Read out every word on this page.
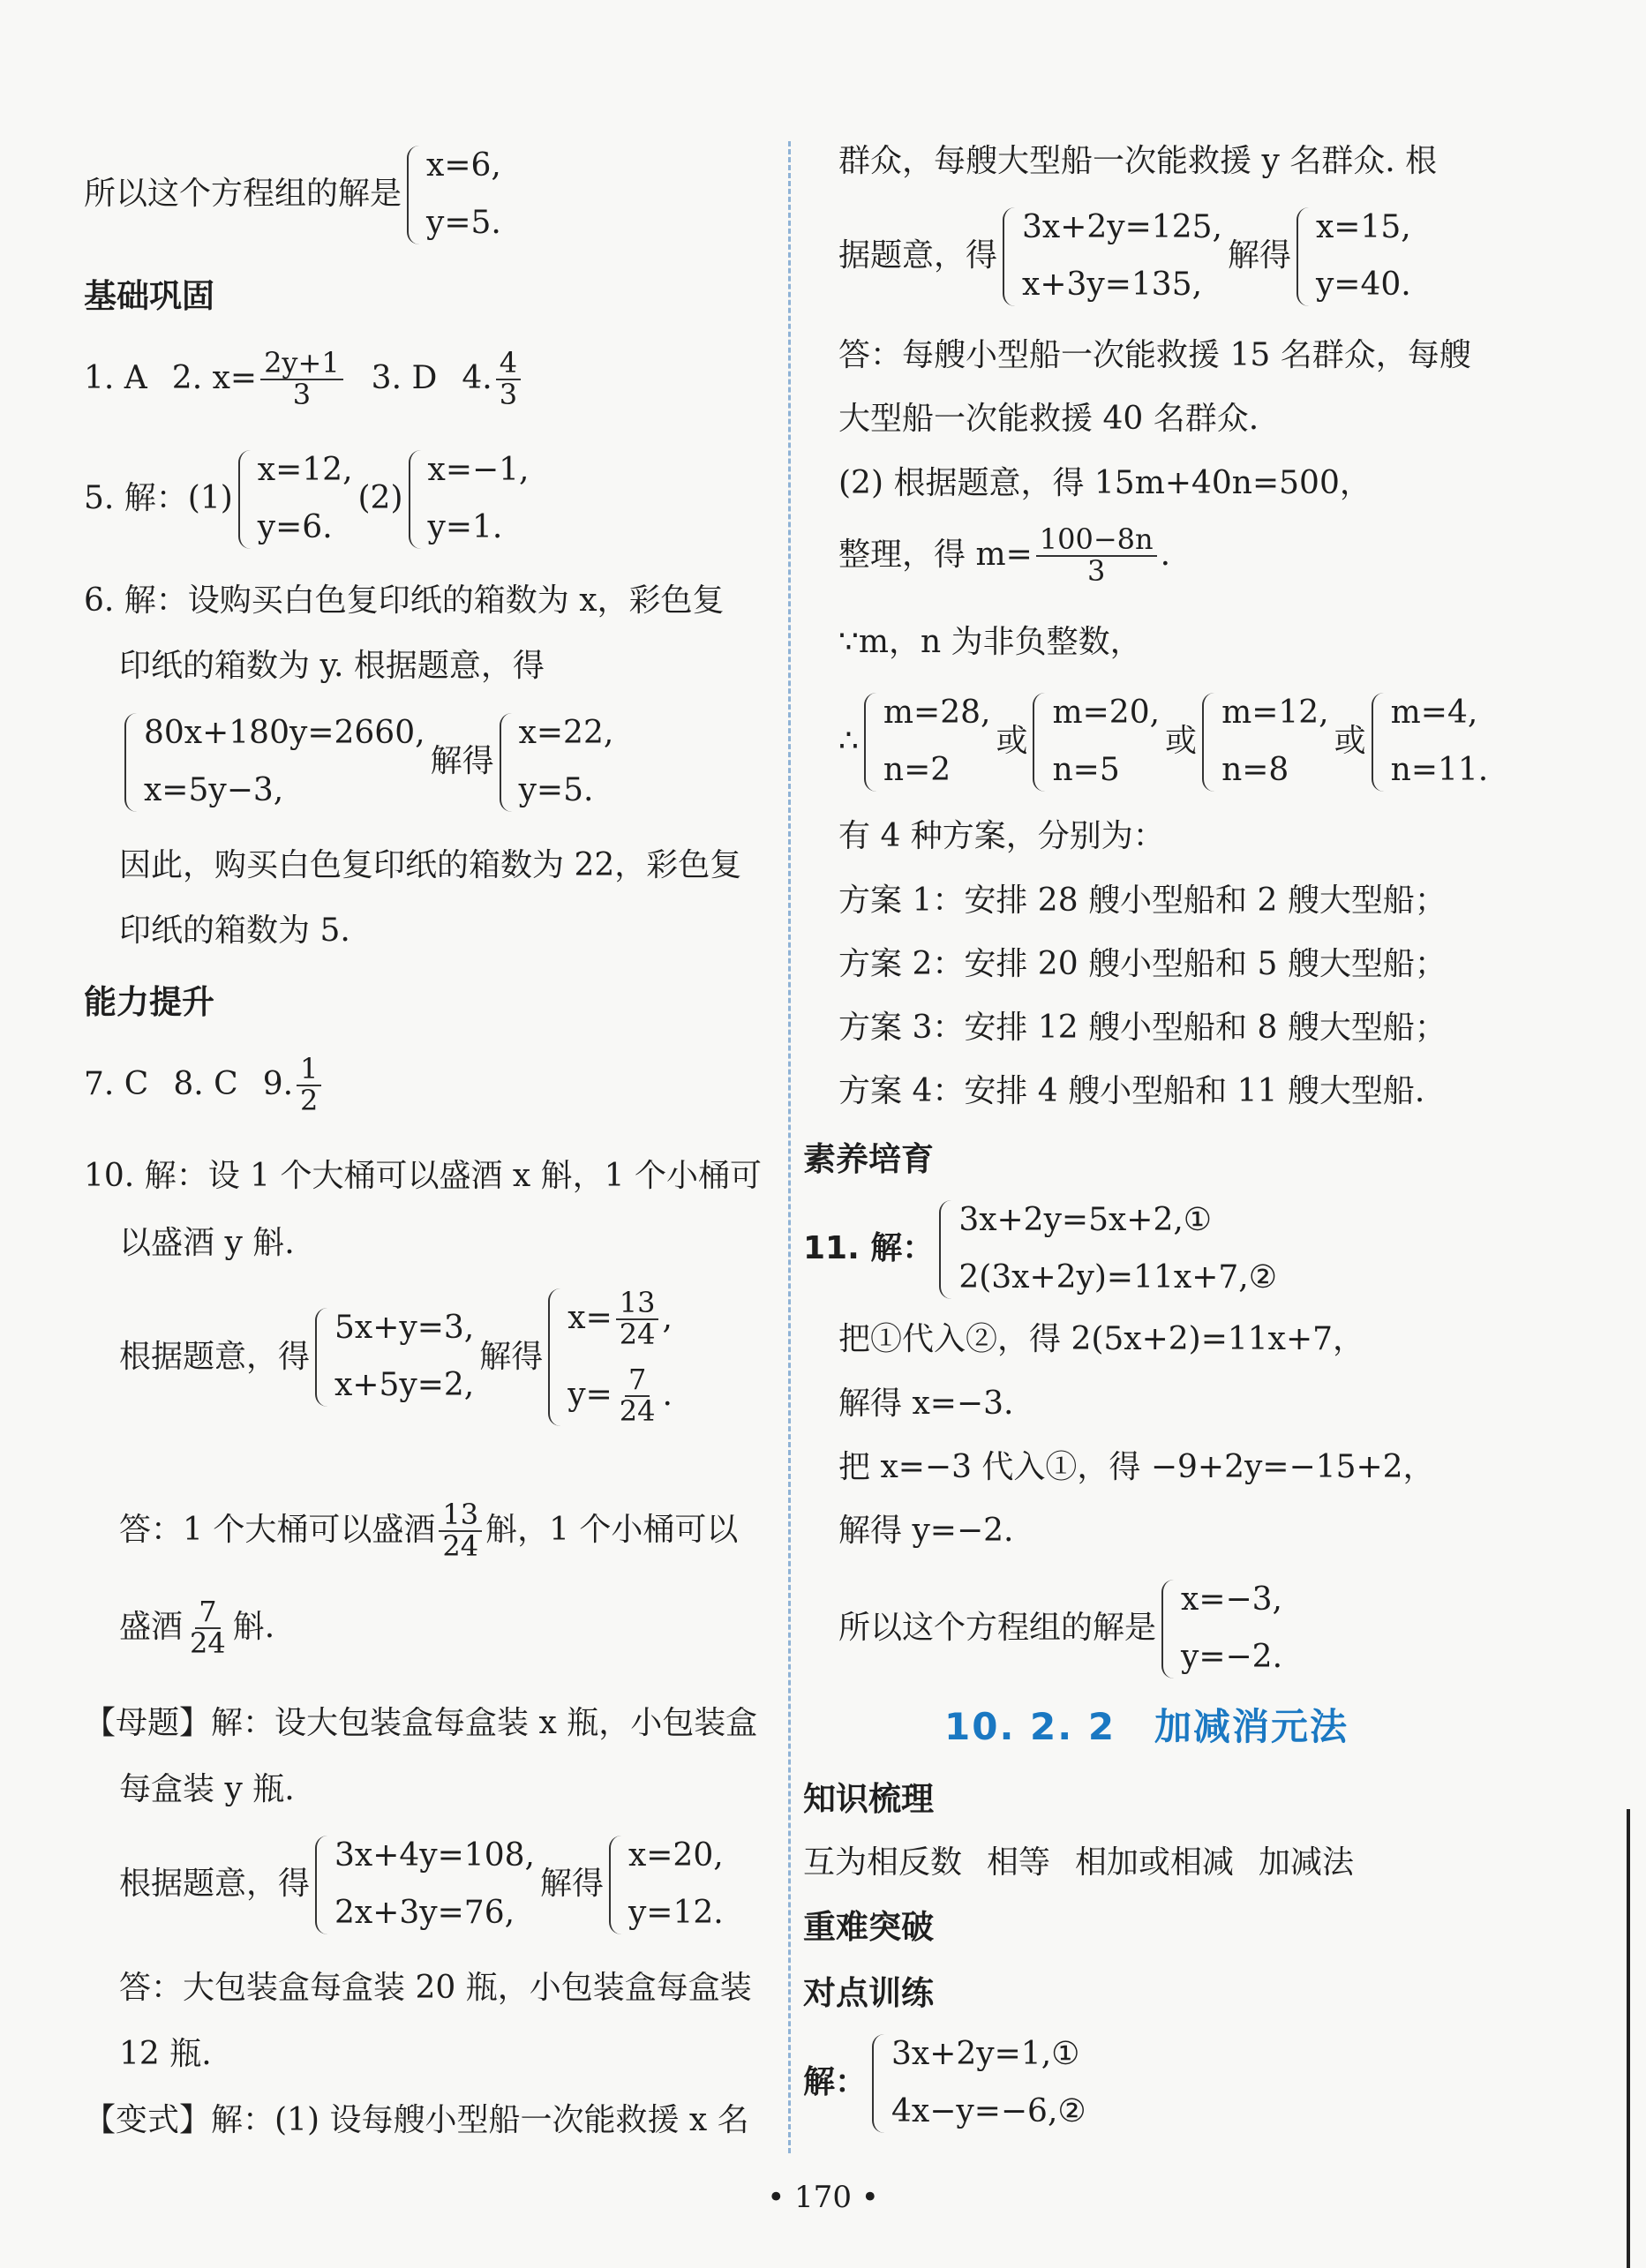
所以这个方程组的解是
x=6,
y=5.
基础巩固
1. A 2. $x= \frac{2y+1}{3} 3$. D 4. $\frac{4}{3}$
5. 解：(1)
x=12,
y=6.
(2)
x=−1,
y=1.
6. 解：设购买白色复印纸的箱数为 x，彩色复
印纸的箱数为 y. 根据题意，得
80x+180y=2660,
x=5y−3,
解得
x=22,
y=5.
因此，购买白色复印纸的箱数为 22，彩色复
印纸的箱数为 5.
能力提升
7. C 8. C 9. $\frac{1}{2}$
10. 解：设 1 个大桶可以盛酒 x 斛，1 个小桶可
以盛酒 y 斛.
根据题意，得
5x+y=3,
x+5y=2,
解得
$x= \frac{13}{24}$ ,
$y= \frac{7}{24}$ .
答：1 个大桶可以盛酒 $\frac{13}{24}$ 斛，1 个小桶可以
盛酒 $\frac{7}{24}$ 斛.
【母题】解：设大包装盒每盒装 x 瓶，小包装盒
每盒装 y 瓶.
根据题意，得
3x+4y=108,
2x+3y=76,
解得
x=20,
y=12.
答：大包装盒每盒装 20 瓶，小包装盒每盒装
12 瓶.
【变式】解：(1) 设每艘小型船一次能救援 x 名
群众，每艘大型船一次能救援 y 名群众. 根
据题意，得
3x+2y=125,
x+3y=135,
解得
x=15,
y=40.
答：每艘小型船一次能救援 15 名群众，每艘
大型船一次能救援 40 名群众.
(2) 根据题意，得 15m+40n=500，
整理，得 $m= \frac{100-8n}{3}$ .
∵m，n 为非负整数，
∴
m=28,
n=2
或
m=20,
n=5
或
m=12,
n=8
或
m=4,
n=11.
有 4 种方案，分别为：
方案 1：安排 28 艘小型船和 2 艘大型船；
方案 2：安排 20 艘小型船和 5 艘大型船；
方案 3：安排 12 艘小型船和 8 艘大型船；
方案 4：安排 4 艘小型船和 11 艘大型船.
素养培育
11. 解：
3x+2y=5x+2,①
2(3x+2y)=11x+7,②
把①代入②，得 2(5x+2)=11x+7，
解得 x=−3.
把 x=−3 代入①，得 −9+2y=−15+2，
解得 y=−2.
所以这个方程组的解是
x=−3,
y=−2.
10. 2. 2　加减消元法
知识梳理
互为相反数 相等 相加或相减 加减法
重难突破
对点训练
解：
3x+2y=1,①
4x−y=−6,②
• 170 •
